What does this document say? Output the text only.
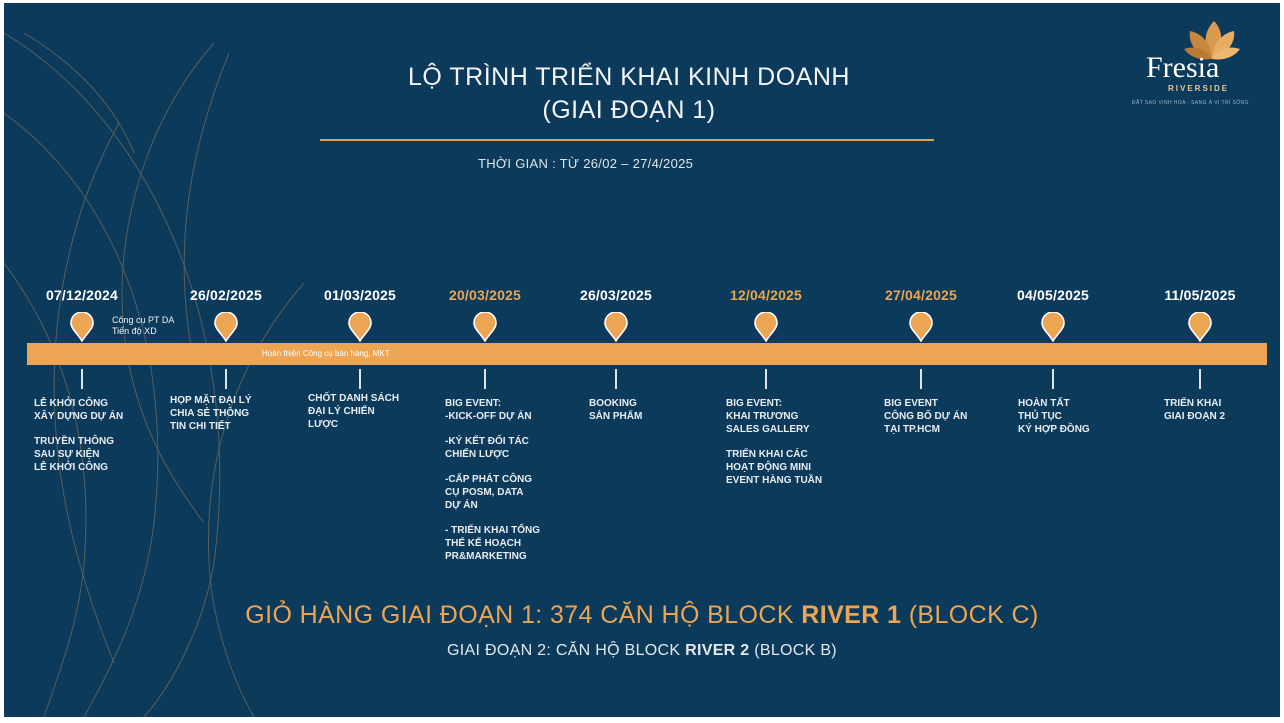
LỘ TRÌNH TRIỂN KHAI KINH DOANH
(GIAI ĐOẠN 1)
THỜI GIAN : TỪ 26/02 – 27/4/2025
Fresia
RIVERSIDE
ĐẤT SAO VINH HOA - SANG Á VỊ TRÍ SỐNG
Công cụ PT DA
Tiến độ XD
Hoàn thiện Công cụ bán hàng, MKT
07/12/2024

LỄ KHỞI CÔNG
XÂY DỰNG DỰ ÁN

TRUYỀN THÔNG
SAU SỰ KIỆN
LỄ KHỞI CÔNG

26/02/2025

HỌP MẶT ĐẠI LÝ
CHIA SẺ THÔNG
TIN CHI TIẾT

01/03/2025

CHỐT DANH SÁCH
ĐẠI LÝ CHIẾN
LƯỢC

20/03/2025

BIG EVENT:
-KICK-OFF DỰ ÁN

-KÝ KẾT ĐỐI TÁC
CHIẾN LƯỢC

-CẤP PHÁT CÔNG
CỤ POSM, DATA
DỰ ÁN

- TRIỂN KHAI TỔNG
THỂ KẾ HOẠCH
PR&MARKETING

26/03/2025

BOOKING
SẢN PHẨM

12/04/2025

BIG EVENT:
KHAI TRƯƠNG
SALES GALLERY

TRIỂN KHAI CÁC
HOẠT ĐỘNG MINI
EVENT HÀNG TUẦN

27/04/2025

BIG EVENT
CÔNG BỐ DỰ ÁN
TẠI TP.HCM

04/05/2025

HOÀN TẤT
THỦ TỤC
KÝ HỢP ĐỒNG

11/05/2025

TRIỂN KHAI
GIAI ĐOẠN 2

GIỎ HÀNG GIAI ĐOẠN 1: 374 CĂN HỘ BLOCK RIVER 1 (BLOCK C)
GIAI ĐOẠN 2: CĂN HỘ BLOCK RIVER 2 (BLOCK B)
